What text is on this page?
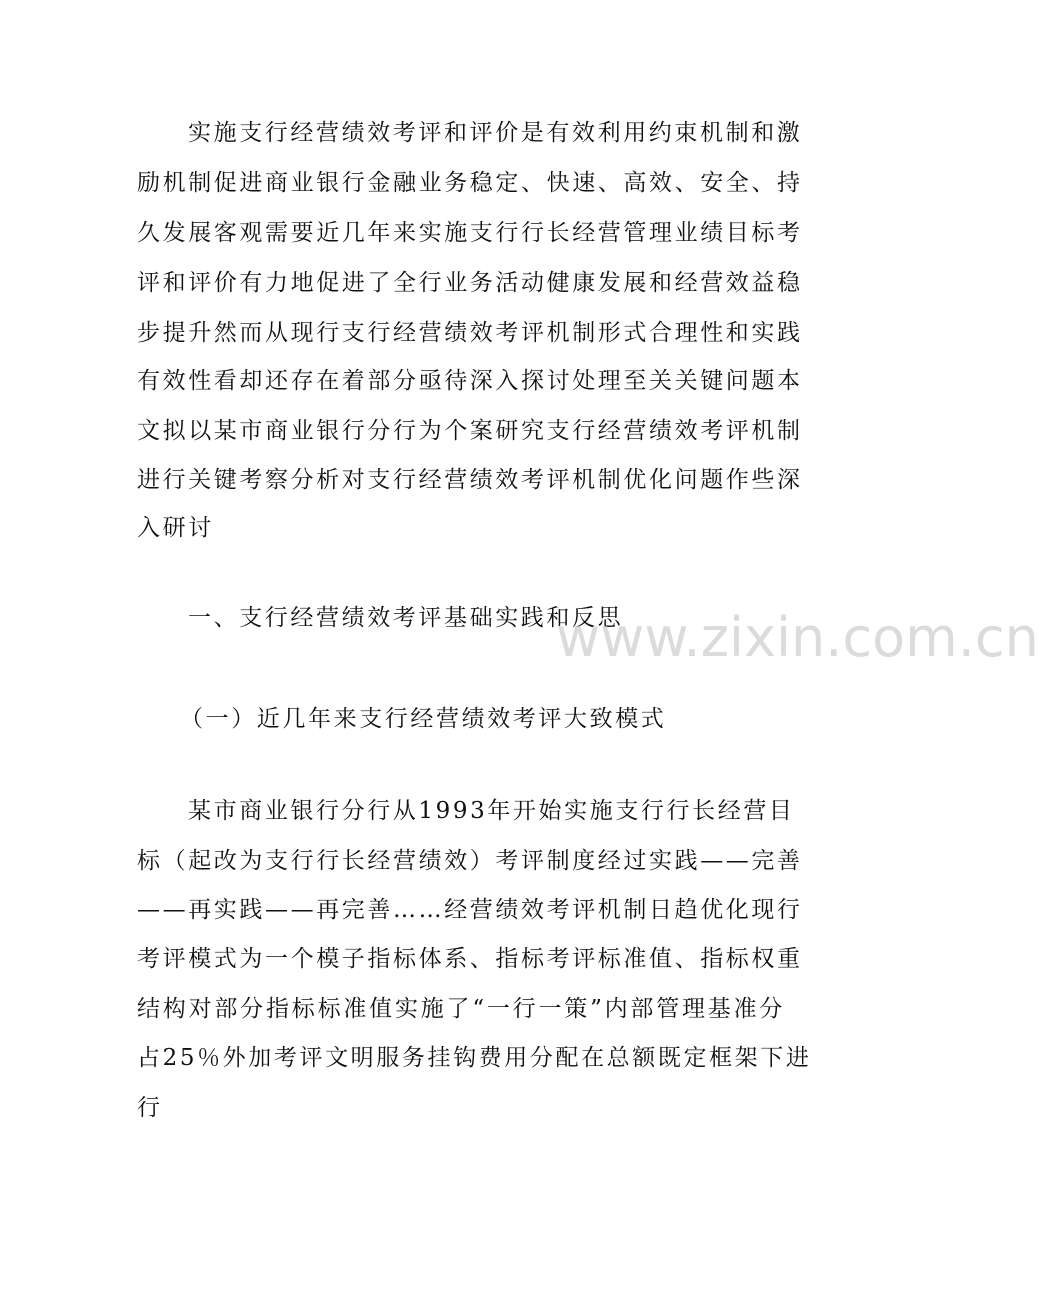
实施支行经营绩效考评和评价是有效利用约束机制和激
励机制促进商业银行金融业务稳定、快速、高效、安全、持
久发展客观需要近几年来实施支行行长经营管理业绩目标考
评和评价有力地促进了全行业务活动健康发展和经营效益稳
步提升然而从现行支行经营绩效考评机制形式合理性和实践
有效性看却还存在着部分亟待深入探讨处理至关关键问题本
文拟以某市商业银行分行为个案研究支行经营绩效考评机制
进行关键考察分析对支行经营绩效考评机制优化问题作些深
入研讨
一、支行经营绩效考评基础实践和反思
www.zixin.com.cn
（一）近几年来支行经营绩效考评大致模式
某市商业银行分行从1993年开始实施支行行长经营目
标（起改为支行行长经营绩效）考评制度经过实践——完善
——再实践——再完善……经营绩效考评机制日趋优化现行
考评模式为一个模子指标体系、指标考评标准值、指标权重
结构对部分指标标准值实施了“一行一策”内部管理基准分
占25％外加考评文明服务挂钩费用分配在总额既定框架下进
行
